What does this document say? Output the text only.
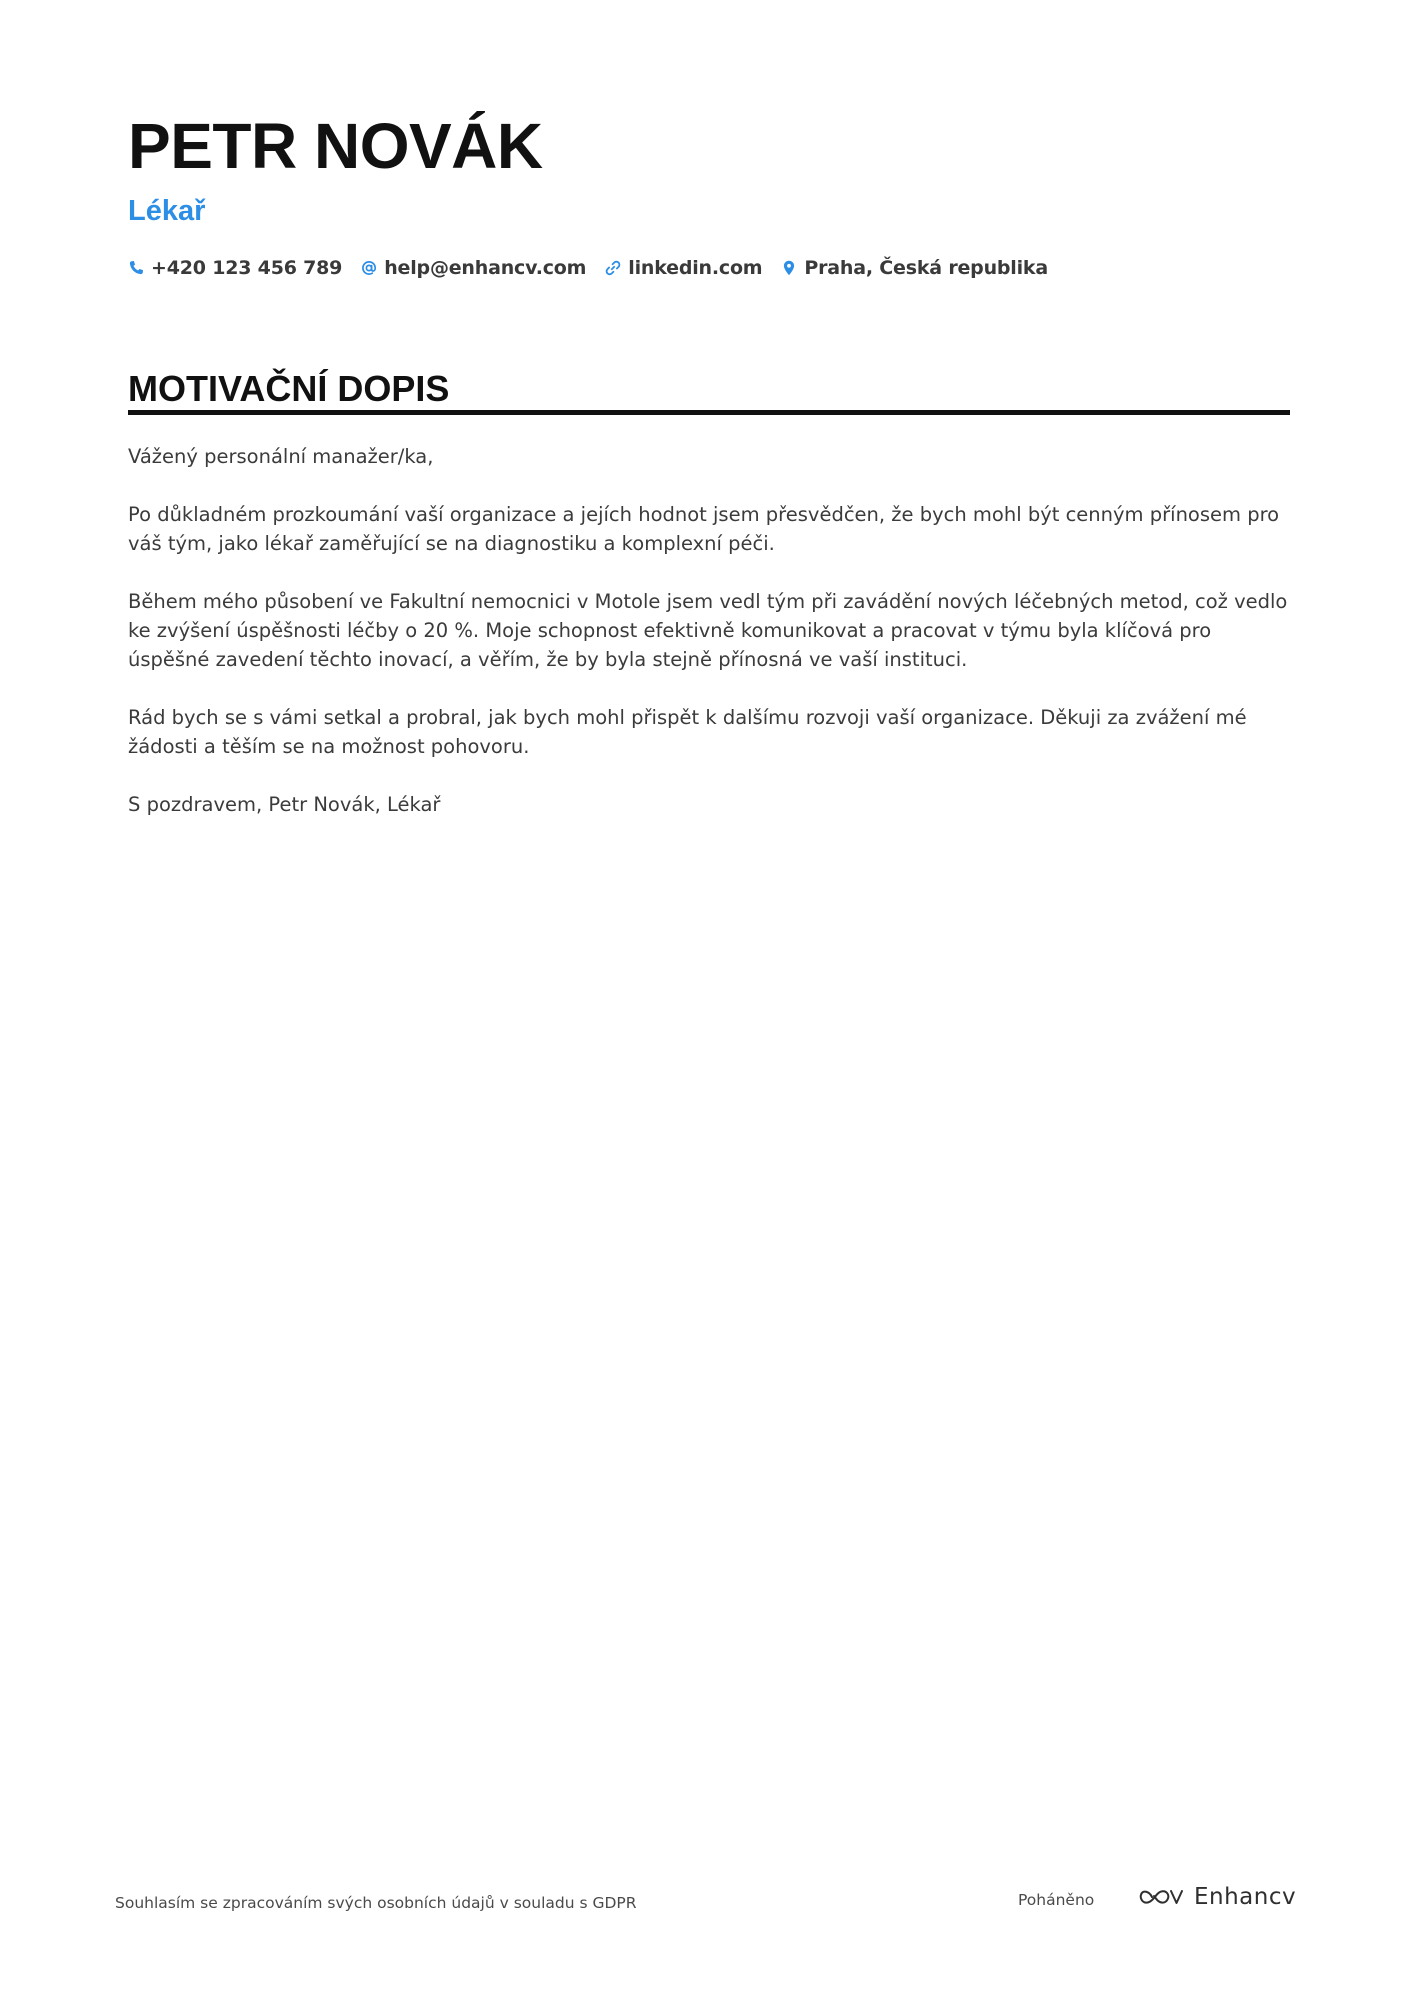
PETR NOVÁK
Lékař
+420 123 456 789 help@enhancv.com linkedin.com Praha, Česká republika
MOTIVAČNÍ DOPIS

Vážený personální manažer/ka,

Po důkladném prozkoumání vaší organizace a jejích hodnot jsem přesvědčen, že bych mohl být cenným přínosem pro váš tým, jako lékař zaměřující se na diagnostiku a komplexní péči.

Během mého působení ve Fakultní nemocnici v Motole jsem vedl tým při zavádění nových léčebných metod, což vedlo ke zvýšení úspěšnosti léčby o 20 %. Moje schopnost efektivně komunikovat a pracovat v týmu byla klíčová pro úspěšné zavedení těchto inovací, a věřím, že by byla stejně přínosná ve vaší instituci.

Rád bych se s vámi setkal a probral, jak bych mohl přispět k dalšímu rozvoji vaší organizace. Děkuji za zvážení mé žádosti a těším se na možnost pohovoru.

S pozdravem, Petr Novák, Lékař

Souhlasím se zpracováním svých osobních údajů v souladu s GDPR	Poháněno	Enhancv
